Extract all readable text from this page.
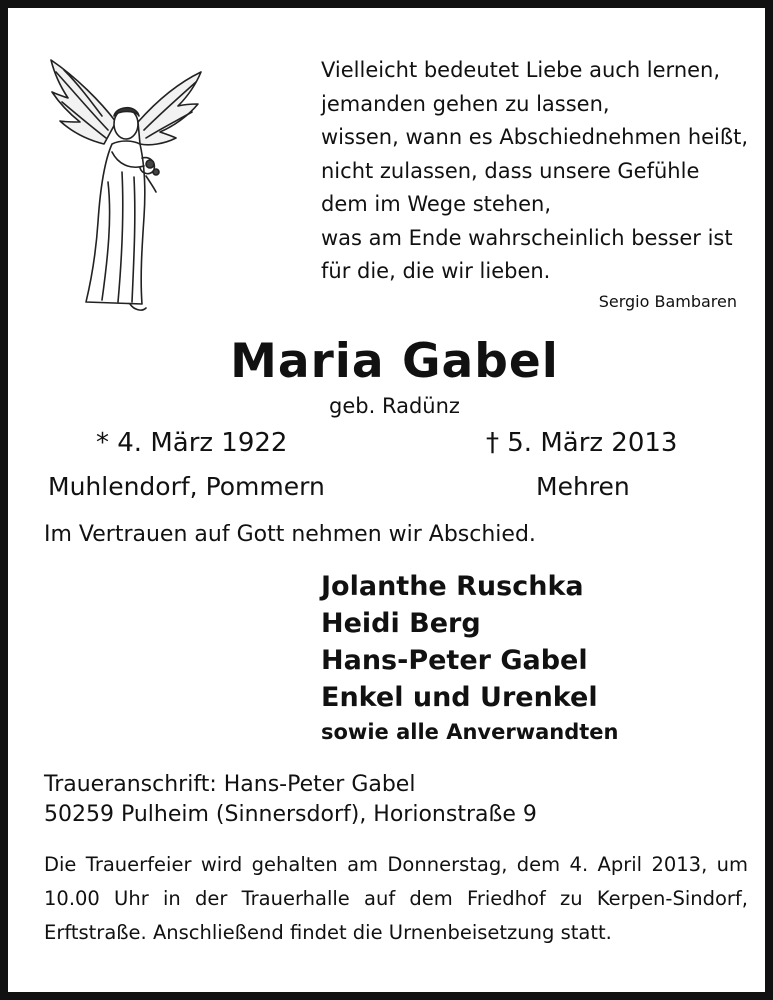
Vielleicht bedeutet Liebe auch lernen,
jemanden gehen zu lassen,
wissen, wann es Abschiednehmen heißt,
nicht zulassen, dass unsere Gefühle
dem im Wege stehen,
was am Ende wahrscheinlich besser ist
für die, die wir lieben.
Sergio Bambaren
Maria Gabel
geb. Radünz
* 4. März 1922	† 5. März 2013
Muhlendorf, Pommern	Mehren
Im Vertrauen auf Gott nehmen wir Abschied.
Jolanthe Ruschka
Heidi Berg
Hans-Peter Gabel
Enkel und Urenkel
sowie alle Anverwandten
Traueranschrift: Hans-Peter Gabel
50259 Pulheim (Sinnersdorf), Horionstraße 9
Die Trauerfeier wird gehalten am Donnerstag, dem 4. April 2013, um 10.00 Uhr in der Trauerhalle auf dem Friedhof zu Kerpen-Sindorf, Erftstraße. Anschließend findet die Urnenbeisetzung statt.
